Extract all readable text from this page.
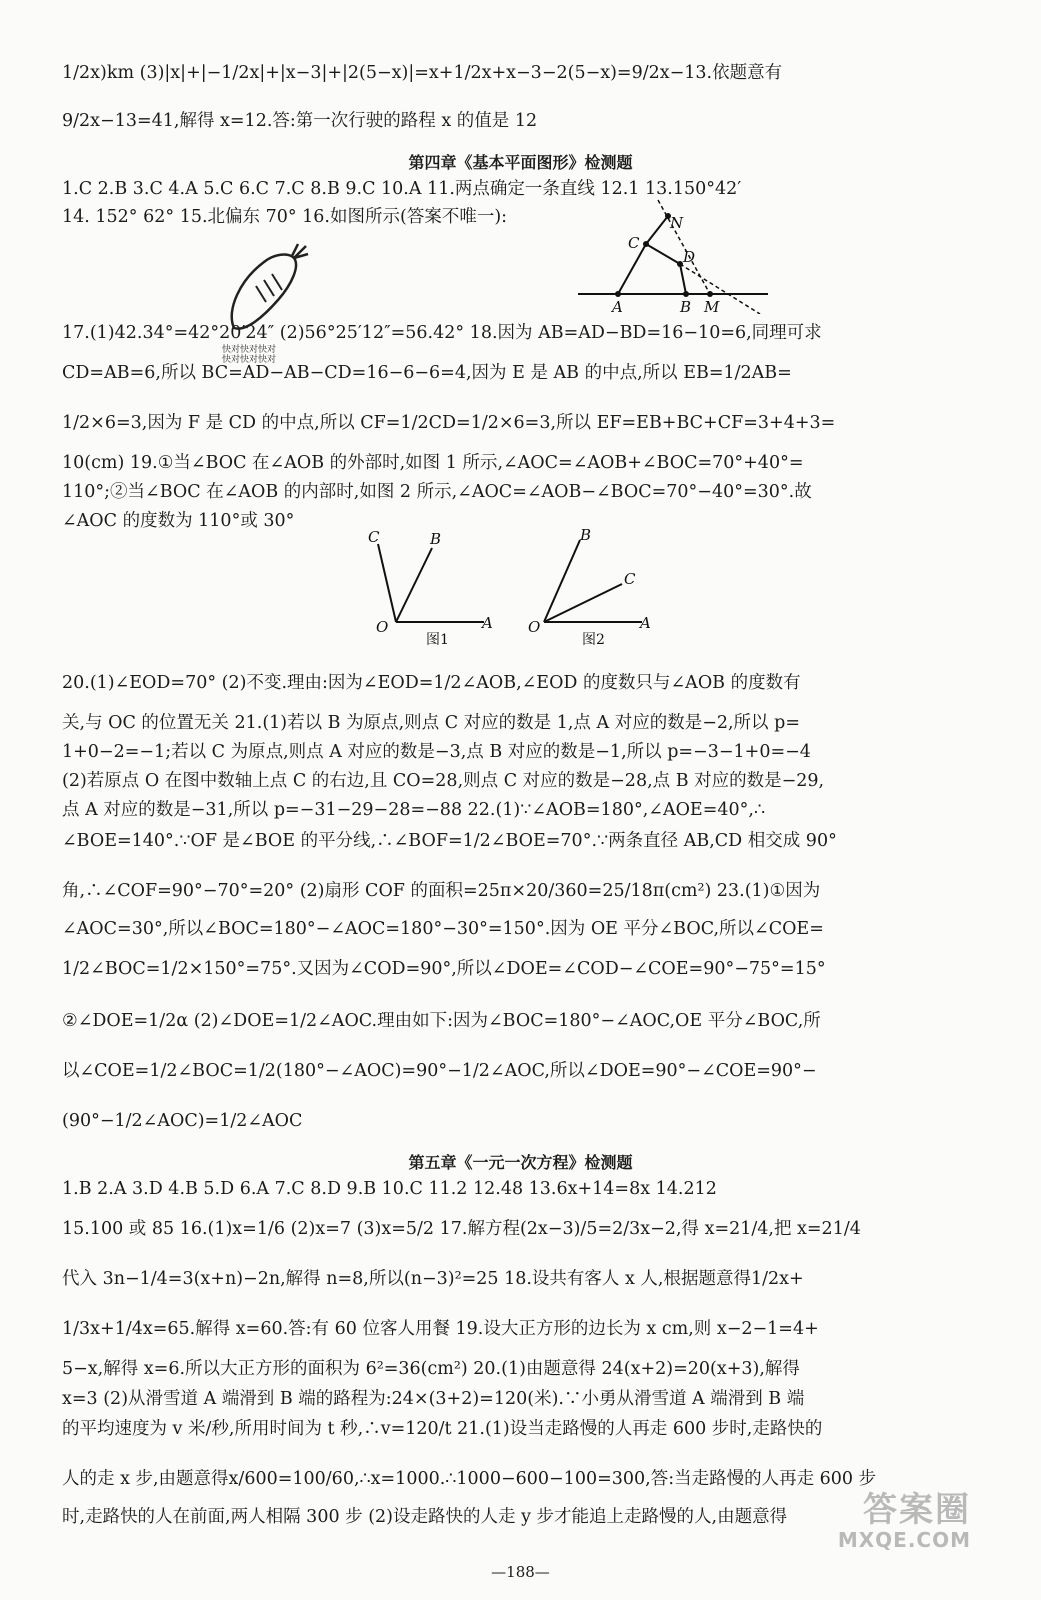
1/2x)km (3)|x|+|−1/2x|+|x−3|+|2(5−x)|=x+1/2x+x−3−2(5−x)=9/2x−13.依题意有
9/2x−13=41,解得 x=12.答:第一次行驶的路程 x 的值是 12
1.C 2.B 3.C 4.A 5.C 6.C 7.C 8.B 9.C 10.A 11.两点确定一条直线 12.1 13.150°42′
14. 152° 62° 15.北偏东 70° 16.如图所示(答案不唯一):
17.(1)42.34°=42°20′24″ (2)56°25′12″=56.42° 18.因为 AB=AD−BD=16−10=6,同理可求
CD=AB=6,所以 BC=AD−AB−CD=16−6−6=4,因为 E 是 AB 的中点,所以 EB=1/2AB=
1/2×6=3,因为 F 是 CD 的中点,所以 CF=1/2CD=1/2×6=3,所以 EF=EB+BC+CF=3+4+3=
10(cm) 19.①当∠BOC 在∠AOB 的外部时,如图 1 所示,∠AOC=∠AOB+∠BOC=70°+40°=
110°;②当∠BOC 在∠AOB 的内部时,如图 2 所示,∠AOC=∠AOB−∠BOC=70°−40°=30°.故
∠AOC 的度数为 110°或 30°
20.(1)∠EOD=70° (2)不变.理由:因为∠EOD=1/2∠AOB,∠EOD 的度数只与∠AOB 的度数有
关,与 OC 的位置无关 21.(1)若以 B 为原点,则点 C 对应的数是 1,点 A 对应的数是−2,所以 p=
1+0−2=−1;若以 C 为原点,则点 A 对应的数是−3,点 B 对应的数是−1,所以 p=−3−1+0=−4
(2)若原点 O 在图中数轴上点 C 的右边,且 CO=28,则点 C 对应的数是−28,点 B 对应的数是−29,
点 A 对应的数是−31,所以 p=−31−29−28=−88 22.(1)∵∠AOB=180°,∠AOE=40°,∴
∠BOE=140°.∵OF 是∠BOE 的平分线,∴∠BOF=1/2∠BOE=70°.∵两条直径 AB,CD 相交成 90°
角,∴∠COF=90°−70°=20° (2)扇形 COF 的面积=25π×20/360=25/18π(cm²) 23.(1)①因为
∠AOC=30°,所以∠BOC=180°−∠AOC=180°−30°=150°.因为 OE 平分∠BOC,所以∠COE=
1/2∠BOC=1/2×150°=75°.又因为∠COD=90°,所以∠DOE=∠COD−∠COE=90°−75°=15°
②∠DOE=1/2α (2)∠DOE=1/2∠AOC.理由如下:因为∠BOC=180°−∠AOC,OE 平分∠BOC,所
以∠COE=1/2∠BOC=1/2(180°−∠AOC)=90°−1/2∠AOC,所以∠DOE=90°−∠COE=90°−
(90°−1/2∠AOC)=1/2∠AOC
1.B 2.A 3.D 4.B 5.D 6.A 7.C 8.D 9.B 10.C 11.2 12.48 13.6x+14=8x 14.212
15.100 或 85 16.(1)x=1/6 (2)x=7 (3)x=5/2 17.解方程(2x−3)/5=2/3x−2,得 x=21/4,把 x=21/4
代入 3n−1/4=3(x+n)−2n,解得 n=8,所以(n−3)²=25 18.设共有客人 x 人,根据题意得1/2x+
1/3x+1/4x=65.解得 x=60.答:有 60 位客人用餐 19.设大正方形的边长为 x cm,则 x−2−1=4+
5−x,解得 x=6.所以大正方形的面积为 6²=36(cm²) 20.(1)由题意得 24(x+2)=20(x+3),解得
x=3 (2)从滑雪道 A 端滑到 B 端的路程为:24×(3+2)=120(米).∵小勇从滑雪道 A 端滑到 B 端
的平均速度为 v 米/秒,所用时间为 t 秒,∴v=120/t 21.(1)设当走路慢的人再走 600 步时,走路快的
人的走 x 步,由题意得x/600=100/60,∴x=1000.∴1000−600−100=300,答:当走路慢的人再走 600 步
时,走路快的人在前面,两人相隔 300 步 (2)设走路快的人走 y 步才能追上走路慢的人,由题意得
第四章《基本平面图形》检测题
第五章《一元一次方程》检测题
快对快对快对
快对快对快对
C
N
D
A	B M
C	B
O	A
图1
B
C
O	A
图2
答案圈
MXQE.COM
—188—
